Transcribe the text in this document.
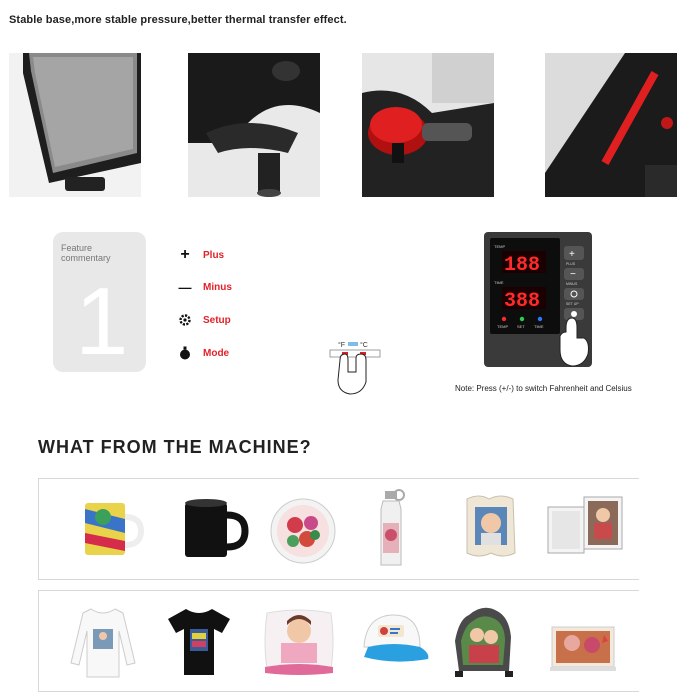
Stable base,more stable pressure,better thermal transfer effect.
Feature commentary
1
+	Plus
— Minus
Setup
Mode
°F °C
TEMP
188
TIME
388
TEMP SET TIME
+
PLUS
−
MINUS
SET UP
Note: Press (+/-) to switch Fahrenheit and Celsius
WHAT FROM THE MACHINE?
